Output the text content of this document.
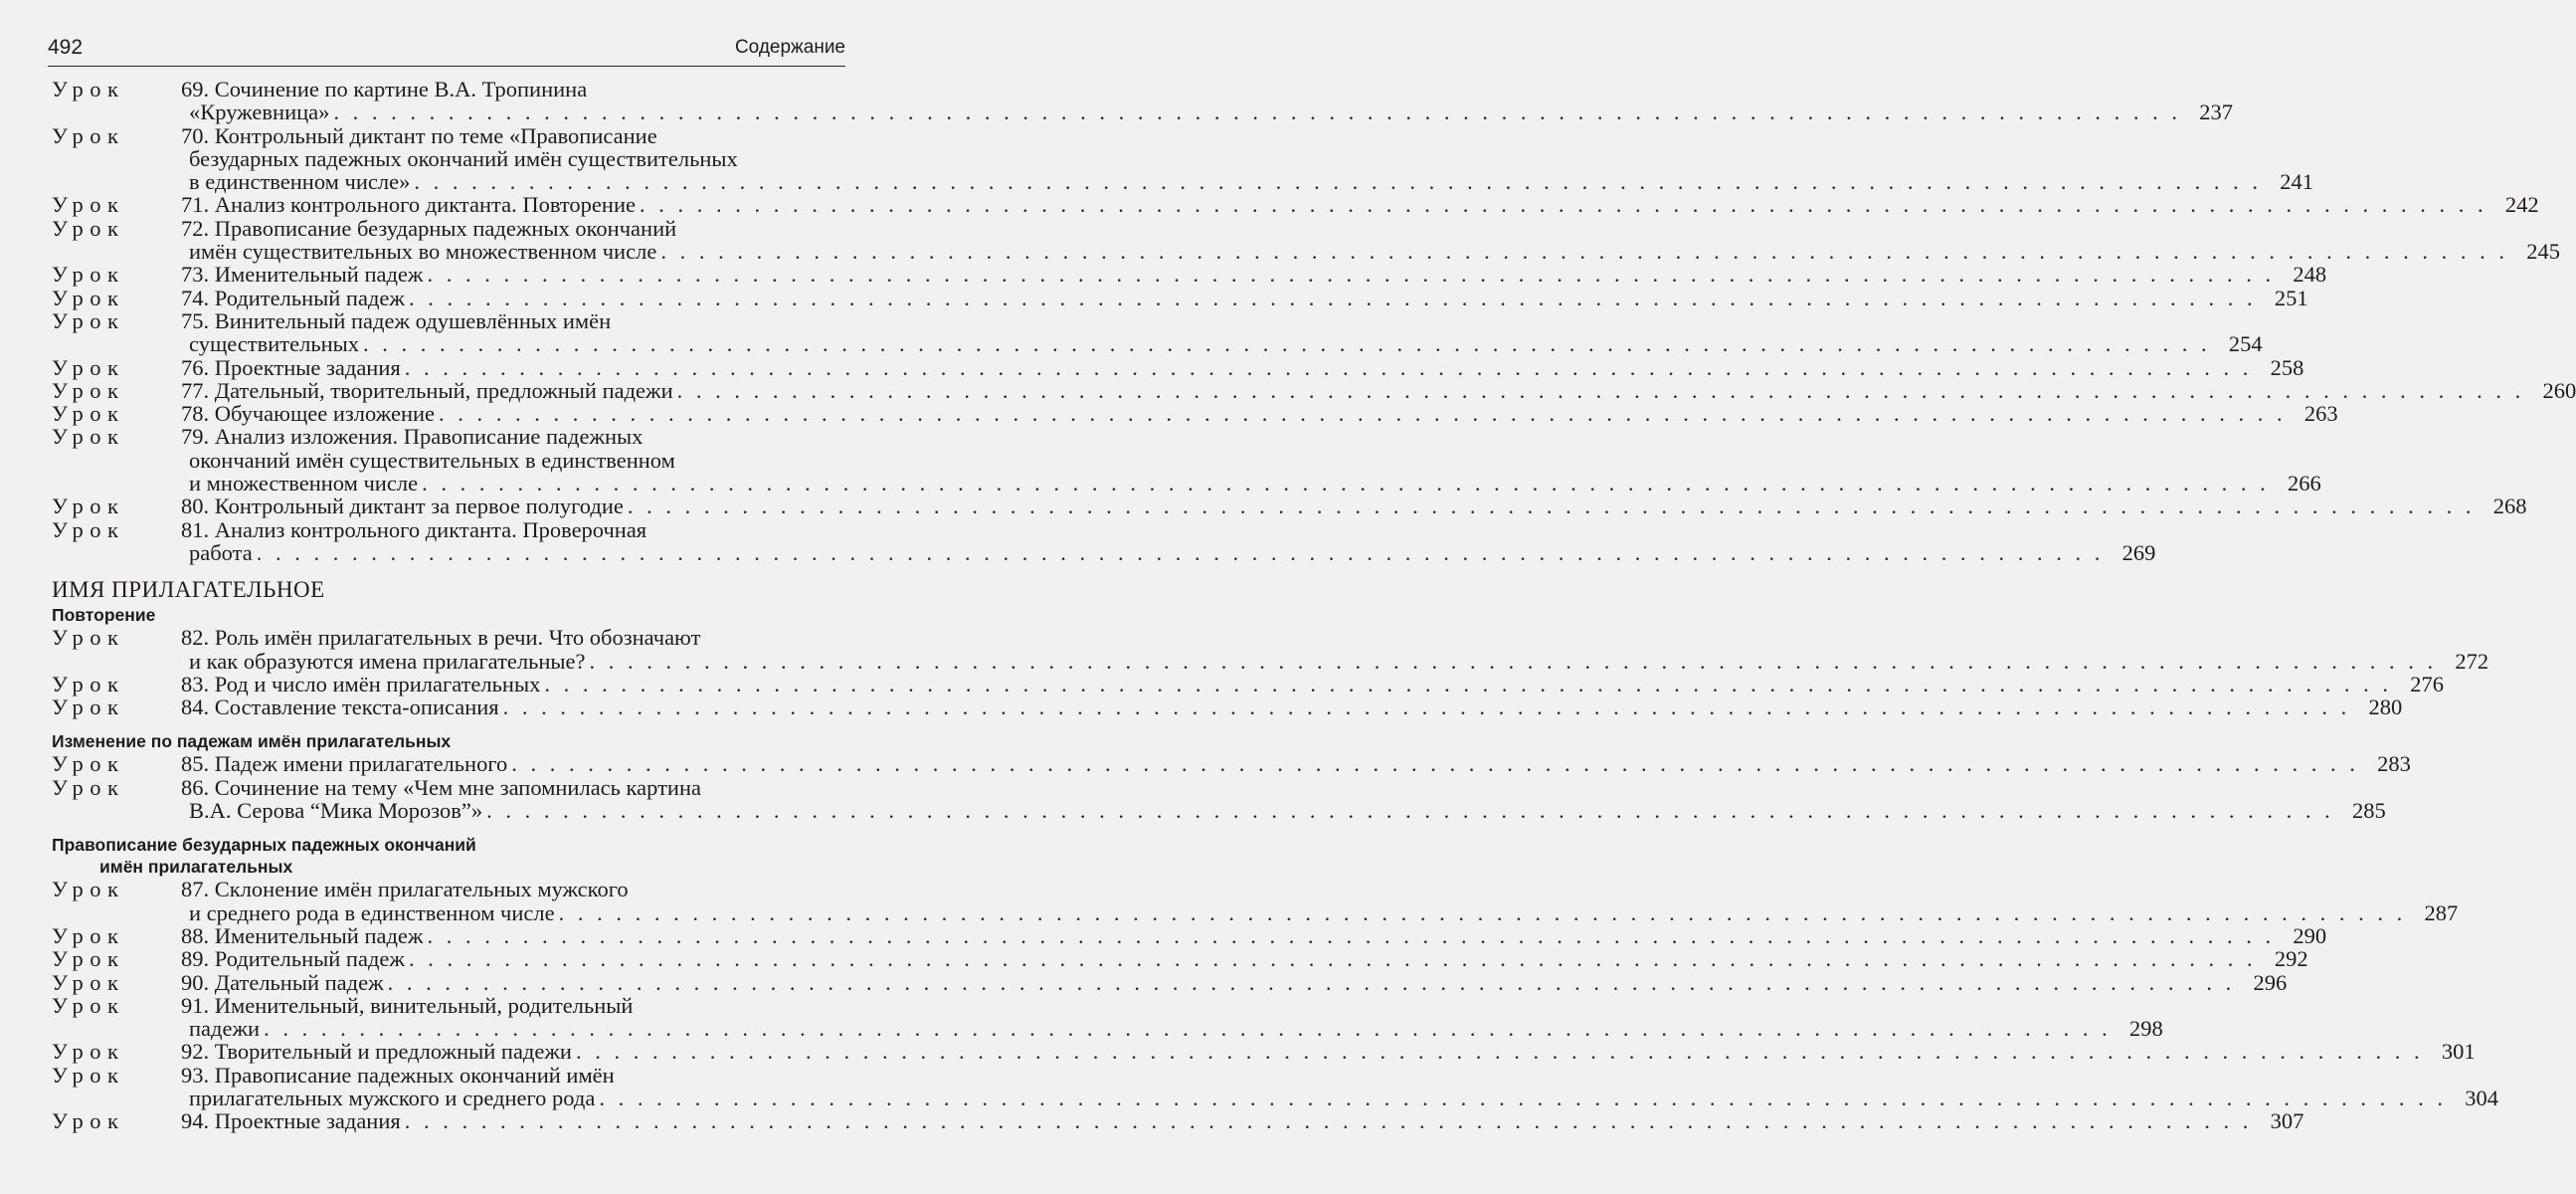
492	Содержание
Урок	69. Сочинение по картине В.А. Тропинина
«Кружевница» . . .	237
Урок	70. Контрольный диктант по теме «Правописание
безударных падежных окончаний имён существительных
в единственном числе» . . .	241
Урок	71. Анализ контрольного диктанта. Повторение . . .	242
Урок	72. Правописание безударных падежных окончаний
имён существительных во множественном числе . . .	245
Урок	73. Именительный падеж . . .	248
Урок	74. Родительный падеж . . .	251
Урок	75. Винительный падеж одушевлённых имён
существительных . . .	254
Урок	76. Проектные задания . . .	258
Урок	77. Дательный, творительный, предложный падежи . . .	260
Урок	78. Обучающее изложение . . .	263
Урок	79. Анализ изложения. Правописание падежных
окончаний имён существительных в единственном
и множественном числе . . .	266
Урок	80. Контрольный диктант за первое полугодие . . .	268
Урок	81. Анализ контрольного диктанта. Проверочная
работа . . .	269
ИМЯ ПРИЛАГАТЕЛЬНОЕ
Повторение
Урок	82. Роль имён прилагательных в речи. Что обозначают
и как образуются имена прилагательные? . . .	272
Урок	83. Род и число имён прилагательных . . .	276
Урок	84. Составление текста-описания . . .	280
Изменение по падежам имён прилагательных
Урок	85. Падеж имени прилагательного . . .	283
Урок	86. Сочинение на тему «Чем мне запомнилась картина
В.А. Серова “Мика Морозов”» . . .	285
Правописание безударных падежных окончаний
имён прилагательных
Урок	87. Склонение имён прилагательных мужского
и среднего рода в единственном числе . . .	287
Урок	88. Именительный падеж . . .	290
Урок	89. Родительный падеж . . .	292
Урок	90. Дательный падеж . . .	296
Урок	91. Именительный, винительный, родительный
падежи . . .	298
Урок	92. Творительный и предложный падежи . . .	301
Урок	93. Правописание падежных окончаний имён
прилагательных мужского и среднего рода . . .	304
Урок	94. Проектные задания . . .	307
